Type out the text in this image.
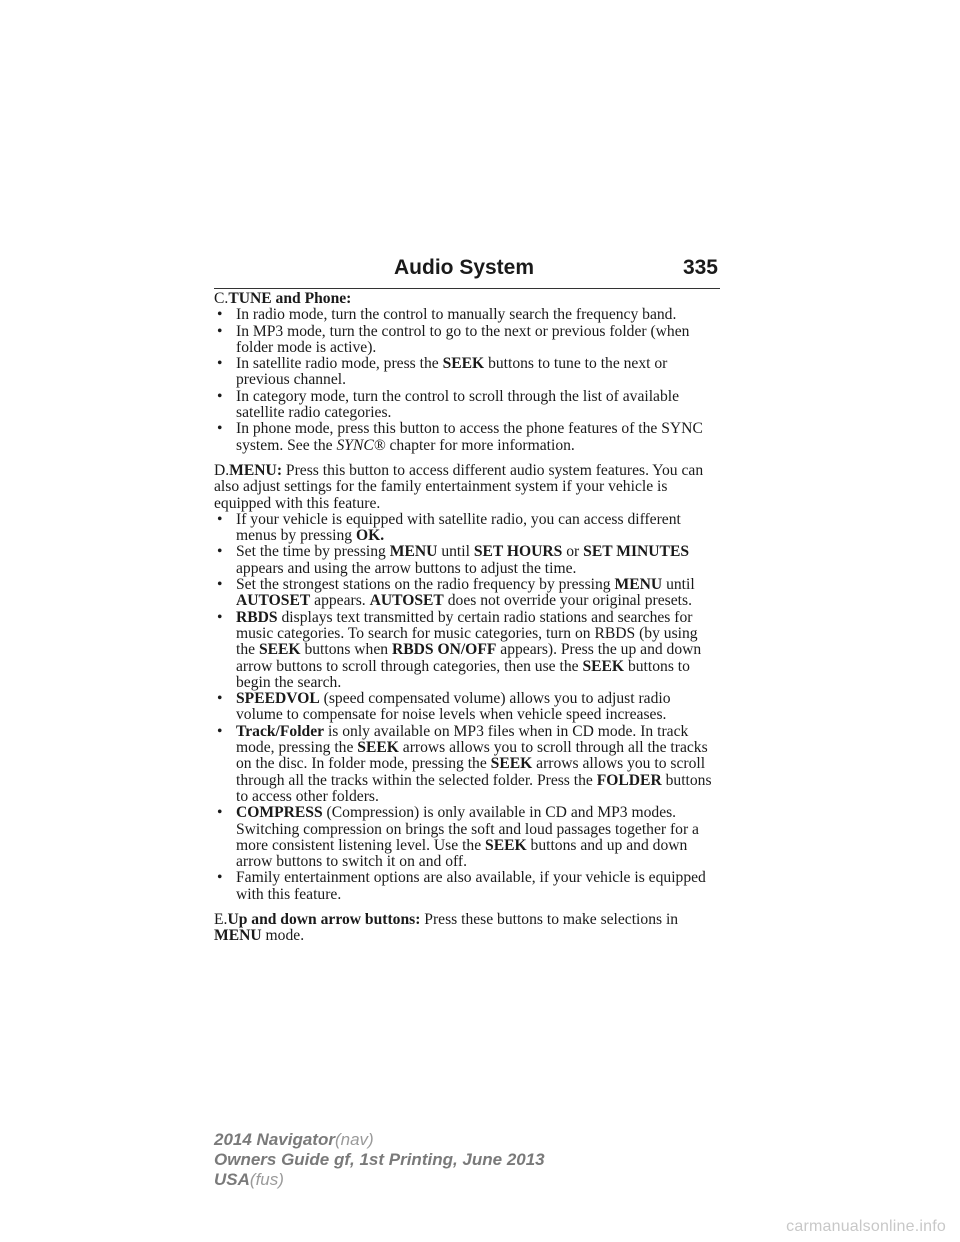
Audio System	335

C.TUNE and Phone:

• In radio mode, turn the control to manually search the frequency band.
• In MP3 mode, turn the control to go to the next or previous folder (when folder mode is active).
• In satellite radio mode, press the SEEK buttons to tune to the next or previous channel.
• In category mode, turn the control to scroll through the list of available satellite radio categories.
• In phone mode, press this button to access the phone features of the SYNC system. See the SYNC® chapter for more information.

D.MENU: Press this button to access different audio system features. You can also adjust settings for the family entertainment system if your vehicle is equipped with this feature.

• If your vehicle is equipped with satellite radio, you can access different menus by pressing OK.
• Set the time by pressing MENU until SET HOURS or SET MINUTES appears and using the arrow buttons to adjust the time.
• Set the strongest stations on the radio frequency by pressing MENU until AUTOSET appears. AUTOSET does not override your original presets.
• RBDS displays text transmitted by certain radio stations and searches for music categories. To search for music categories, turn on RBDS (by using the SEEK buttons when RBDS ON/OFF appears). Press the up and down arrow buttons to scroll through categories, then use the SEEK buttons to begin the search.
• SPEEDVOL (speed compensated volume) allows you to adjust radio volume to compensate for noise levels when vehicle speed increases.
• Track/Folder is only available on MP3 files when in CD mode. In track mode, pressing the SEEK arrows allows you to scroll through all the tracks on the disc. In folder mode, pressing the SEEK arrows allows you to scroll through all the tracks within the selected folder. Press the FOLDER buttons to access other folders.
• COMPRESS (Compression) is only available in CD and MP3 modes. Switching compression on brings the soft and loud passages together for a more consistent listening level. Use the SEEK buttons and up and down arrow buttons to switch it on and off.
• Family entertainment options are also available, if your vehicle is equipped with this feature.

E.Up and down arrow buttons: Press these buttons to make selections in MENU mode.

2014 Navigator(nav)
Owners Guide gf, 1st Printing, June 2013
USA(fus)
carmanualsonline.info
